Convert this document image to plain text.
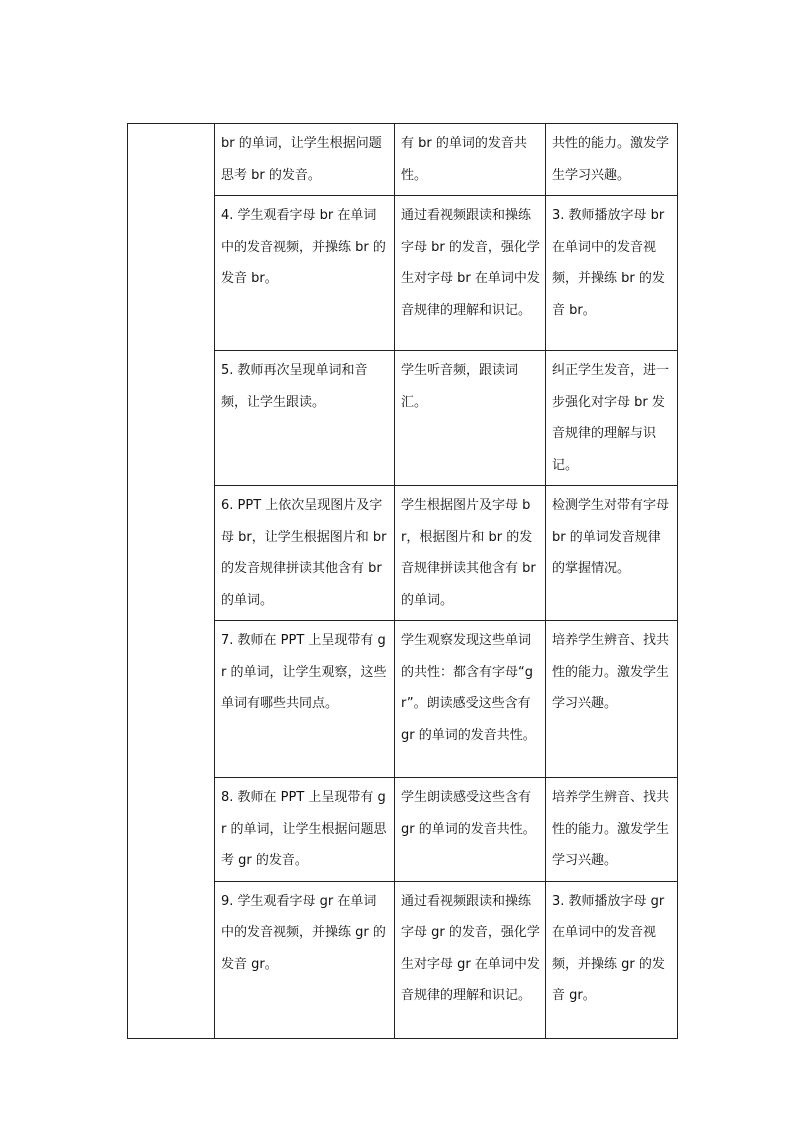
	br 的单词，让学生根据问题思考 br 的发音。	有 br 的单词的发音共性。	共性的能力。激发学生学习兴趣。

	4. 学生观看字母 br 在单词中的发音视频，并操练 br 的发音 br。	通过看视频跟读和操练字母 br 的发音，强化学生对字母 br 在单词中发音规律的理解和识记。	3. 教师播放字母 br 在单词中的发音视频，并操练 br 的发音 br。

	5. 教师再次呈现单词和音频，让学生跟读。	学生听音频，跟读词汇。	纠正学生发音，进一步强化对字母 br 发音规律的理解与识记。

	6. PPT 上依次呈现图片及字母 br，让学生根据图片和 br 的发音规律拼读其他含有 br 的单词。	学生根据图片及字母 br，根据图片和 br 的发音规律拼读其他含有 br 的单词。	检测学生对带有字母 br 的单词发音规律的掌握情况。

	7. 教师在 PPT 上呈现带有 gr 的单词，让学生观察，这些单词有哪些共同点。	学生观察发现这些单词的共性：都含有字母“gr”。朗读感受这些含有 gr 的单词的发音共性。	培养学生辨音、找共性的能力。激发学生学习兴趣。

	8. 教师在 PPT 上呈现带有 gr 的单词，让学生根据问题思考 gr 的发音。	学生朗读感受这些含有 gr 的单词的发音共性。	培养学生辨音、找共性的能力。激发学生学习兴趣。

	9. 学生观看字母 gr 在单词中的发音视频，并操练 gr 的发音 gr。	通过看视频跟读和操练字母 gr 的发音，强化学生对字母 gr 在单词中发音规律的理解和识记。	3. 教师播放字母 gr 在单词中的发音视频，并操练 gr 的发音 gr。
